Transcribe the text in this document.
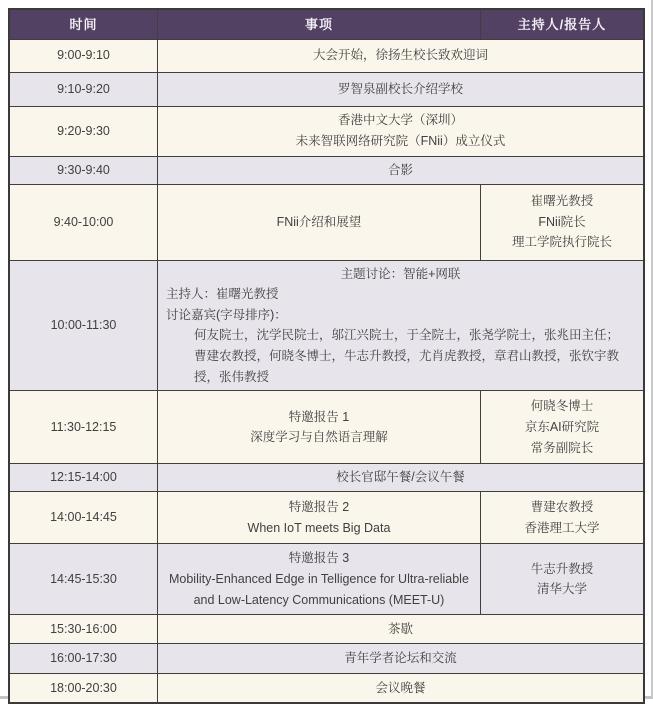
时间	事项	主持人/报告人
9:00-9:10	大会开始，徐扬生校长致欢迎词	

9:10-9:20	罗智泉副校长介绍学校	

9:20-9:30	香港中文大学（深圳）
未来智联网络研究院（FNii）成立仪式	

9:30-9:40	合影	

9:40-10:00	FNii介绍和展望	崔曙光教授
FNii院长
理工学院执行院长

10:00-11:30	主题讨论：智能+网联
主持人：崔曙光教授
讨论嘉宾(字母排序)：
何友院士，沈学民院士，邬江兴院士，于全院士，张尧学院士，张兆田主任；
曹建农教授，何晓冬博士，牛志升教授，尤肖虎教授，章君山教授，张钦宇教授，张伟教授	

11:30-12:15	特邀报告 1
深度学习与自然语言理解	何晓冬博士
京东AI研究院
常务副院长

12:15-14:00	校长官邸午餐/会议午餐	

14:00-14:45	特邀报告 2
When IoT meets Big Data	曹建农教授
香港理工大学

14:45-15:30	特邀报告 3
Mobility-Enhanced Edge in Telligence for Ultra-reliable and Low-Latency Communications (MEET-U)	牛志升教授
清华大学

15:30-16:00	茶歇	

16:00-17:30	青年学者论坛和交流	

18:00-20:30	会议晚餐	
